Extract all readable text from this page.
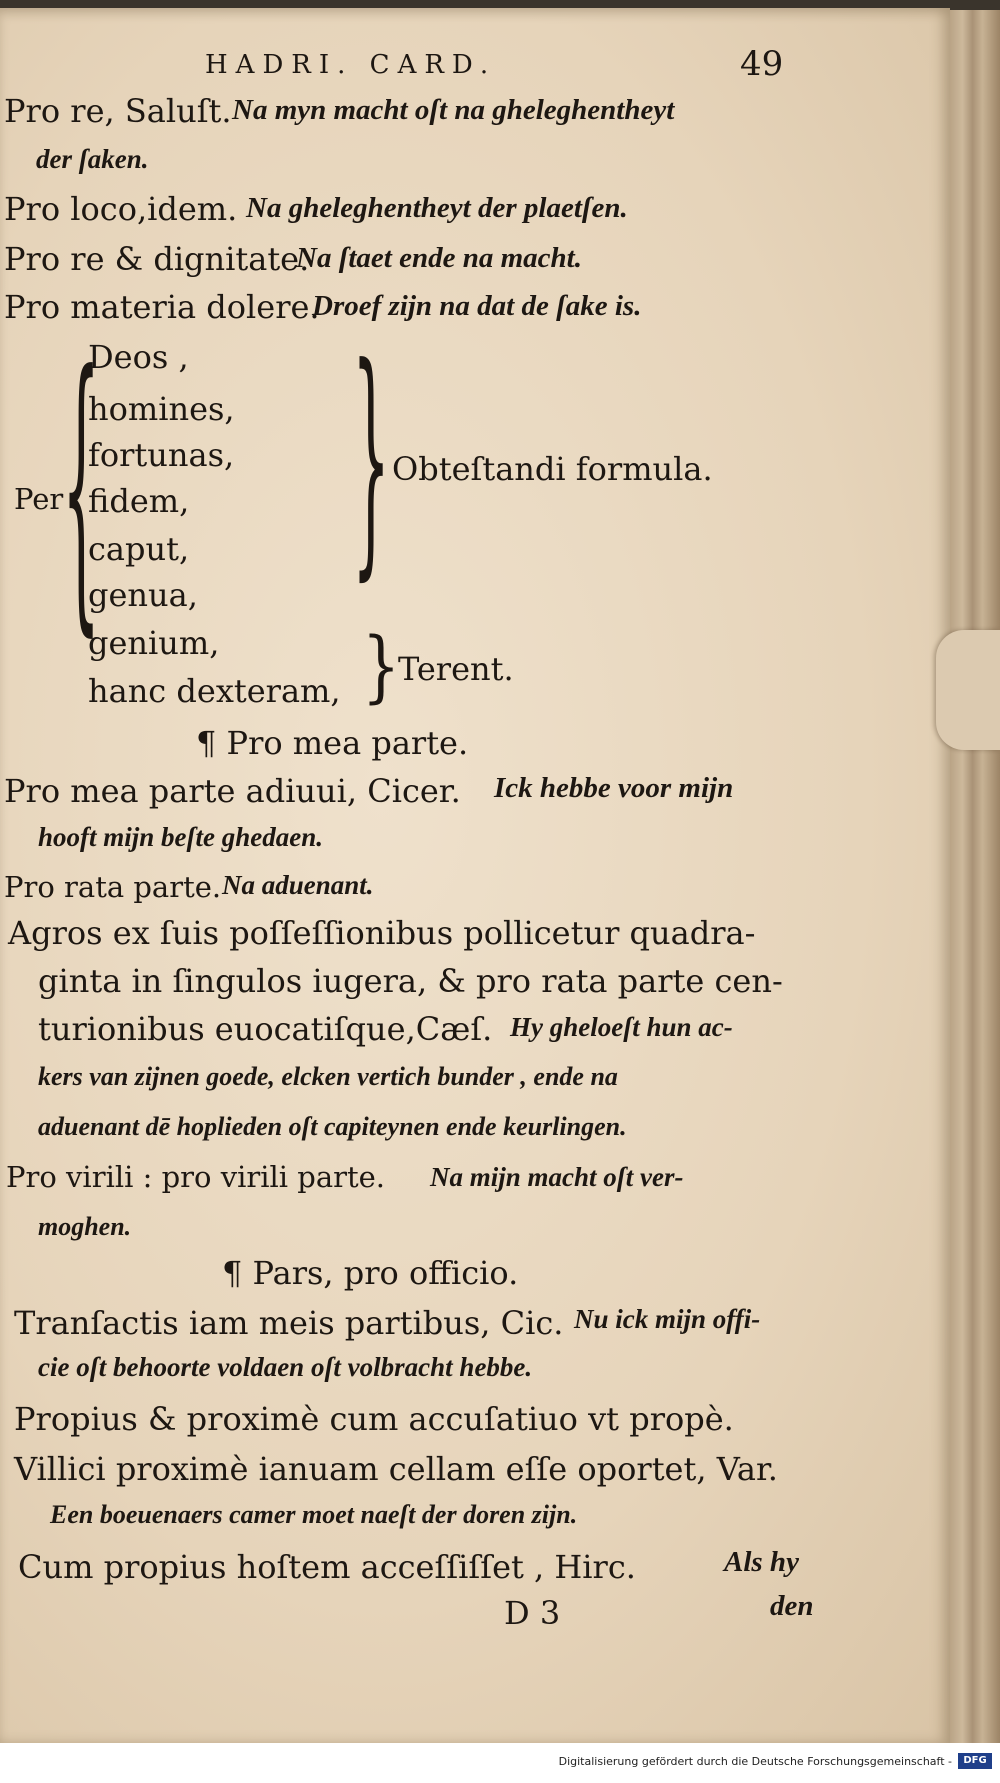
HADRI. CARD.	49
Pro re, Saluſt. Na myn macht oſt na gheleghentheyt
der ſaken.
Pro loco,idem. Na gheleghentheyt der plaetſen.
Pro re & dignitate.
Na ſtaet ende na macht.
Pro materia dolere.
Droef zijn na dat de ſake is.
Per
{
Deos ,
homines,
fortunas,
fidem,
caput,
genua,
genium,
hanc dexteram,
} Obteſtandi formula.
}
Terent.
¶ Pro mea parte.
Pro mea parte adiuui, Cicer. Ick hebbe voor mijn
hooft mijn beſte ghedaen.
Pro rata parte. Na aduenant.
Agros ex ſuis poſſeſſionibus pollicetur quadra-
ginta in ſingulos iugera, & pro rata parte cen-
turionibus euocatiſque,Cæſ. Hy gheloeſt hun ac-
kers van zijnen goede, elcken vertich bunder , ende na
aduenant dē hoplieden oſt capiteynen ende keurlingen.
Pro virili : pro virili parte. Na mijn macht oſt ver-
moghen.
¶ Pars, pro officio.
Tranſactis iam meis partibus, Cic. Nu ick mijn offi-
cie oſt behoorte voldaen oſt volbracht hebbe.
Propius & proximè cum accuſatiuo vt propè.
Villici proximè ianuam cellam eſſe oportet, Var.
Een boeuenaers camer moet naeſt der doren zijn.
Cum propius hoſtem acceſſiſſet , Hirc.	Als hy
D 3	den
Digitalisierung gefördert durch die Deutsche Forschungsgemeinschaft -	DFG
